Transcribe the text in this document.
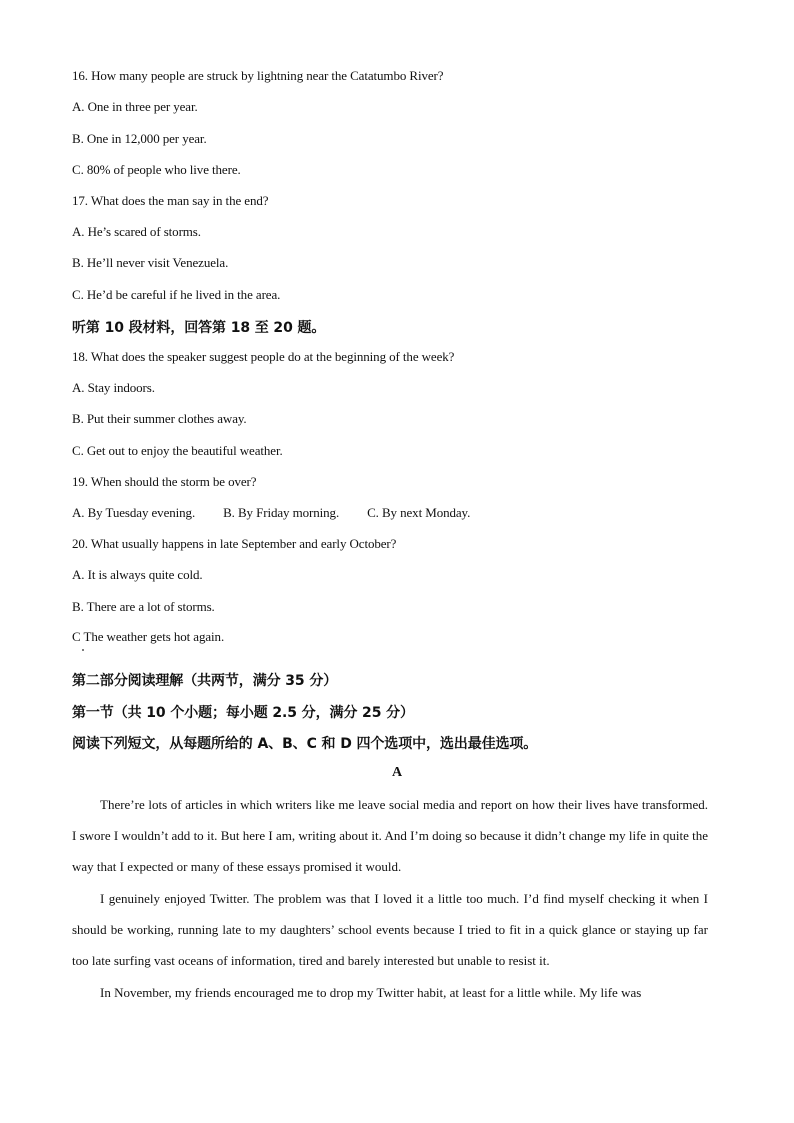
16. How many people are struck by lightning near the Catatumbo River?
A. One in three per year.
B. One in 12,000 per year.
C. 80% of people who live there.
17. What does the man say in the end?
A. He’s scared of storms.
B. He’ll never visit Venezuela.
C. He’d be careful if he lived in the area.
听第 10 段材料，回答第 18 至 20 题。
18. What does the speaker suggest people do at the beginning of the week?
A. Stay indoors.
B. Put their summer clothes away.
C. Get out to enjoy the beautiful weather.
19. When should the storm be over?
A. By Tuesday evening. B. By Friday morning. C. By next Monday.
20. What usually happens in late September and early October?
A. It is always quite cold.
B. There are a lot of storms.
C The weather gets hot again.
第二部分阅读理解（共两节，满分 35 分）
第一节（共 10 个小题；每小题 2.5 分，满分 25 分）
阅读下列短文，从每题所给的 A、B、C 和 D 四个选项中，选出最佳选项。
A
There’re lots of articles in which writers like me leave social media and report on how their lives have transformed. I swore I wouldn’t add to it. But here I am, writing about it. And I’m doing so because it didn’t change my life in quite the way that I expected or many of these essays promised it would.
I genuinely enjoyed Twitter. The problem was that I loved it a little too much. I’d find myself checking it when I should be working, running late to my daughters’ school events because I tried to fit in a quick glance or staying up far too late surfing vast oceans of information, tired and barely interested but unable to resist it.
In November, my friends encouraged me to drop my Twitter habit, at least for a little while. My life was
